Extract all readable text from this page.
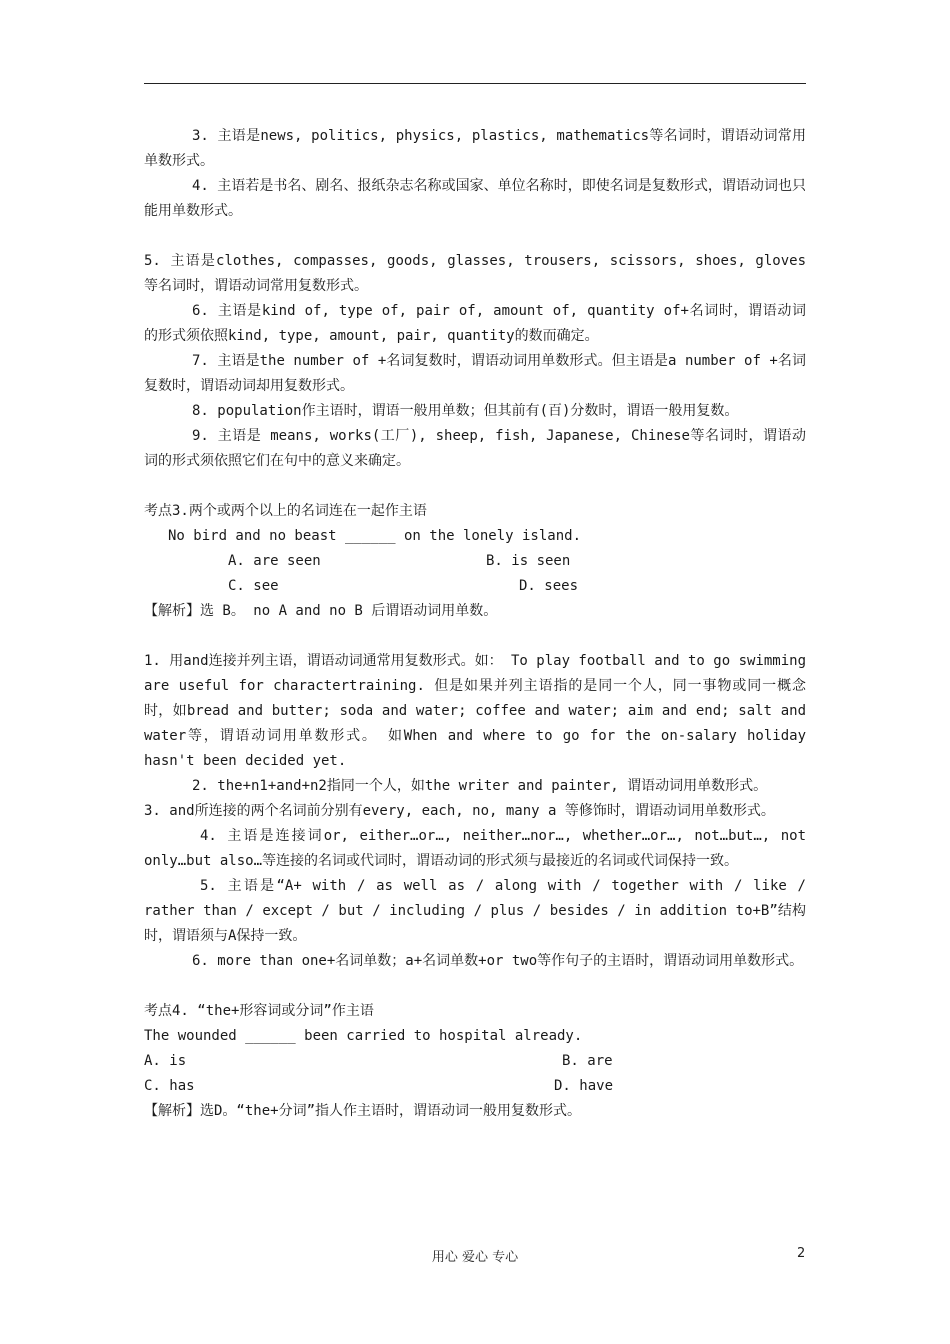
3. 主语是news, politics, physics, plastics, mathematics等名词时，谓语动词常用单数形式。

4. 主语若是书名、剧名、报纸杂志名称或国家、单位名称时，即使名词是复数形式，谓语动词也只能用单数形式。

5. 主语是clothes, compasses, goods, glasses, trousers, scissors, shoes, gloves等名词时，谓语动词常用复数形式。

6. 主语是kind of, type of, pair of, amount of, quantity of+名词时，谓语动词的形式须依照kind, type, amount, pair, quantity的数而确定。

7. 主语是the number of +名词复数时，谓语动词用单数形式。但主语是a number of +名词复数时，谓语动词却用复数形式。

8. population作主语时，谓语一般用单数；但其前有(百)分数时，谓语一般用复数。

9. 主语是 means, works(工厂), sheep, fish, Japanese, Chinese等名词时，谓语动词的形式须依照它们在句中的意义来确定。

考点3.两个或两个以上的名词连在一起作主语

No bird and no beast ______ on the lonely island.

A. are seen

	B. is seen

C. see

	D. sees

【解析】选 B。 no A and no B 后谓语动词用单数。

1. 用and连接并列主语，谓语动词通常用复数形式。如： To play football and to go swimming are useful for charactertraining. 但是如果并列主语指的是同一个人，同一事物或同一概念时，如bread and butter; soda and water; coffee and water; aim and end; salt and water等，谓语动词用单数形式。 如When and where to go for the on-salary holiday hasn't been decided yet.

2. the+n1+and+n2指同一个人，如the writer and painter, 谓语动词用单数形式。

3. and所连接的两个名词前分别有every, each, no, many a 等修饰时，谓语动词用单数形式。

4. 主语是连接词or, either…or…, neither…nor…, whether…or…, not…but…, not only…but also…等连接的名词或代词时，谓语动词的形式须与最接近的名词或代词保持一致。

5. 主语是“A+ with / as well as / along with / together with / like / rather than / except / but / including / plus / besides / in addition to+B”结构时，谓语须与A保持一致。

6. more than one+名词单数；a+名词单数+or two等作句子的主语时，谓语动词用单数形式。

考点4. “the+形容词或分词”作主语

The wounded ______ been carried to hospital already.

A. is

	B. are

C. has

	D. have

【解析】选D。“the+分词”指人作主语时，谓语动词一般用复数形式。

用心 爱心 专心	2
